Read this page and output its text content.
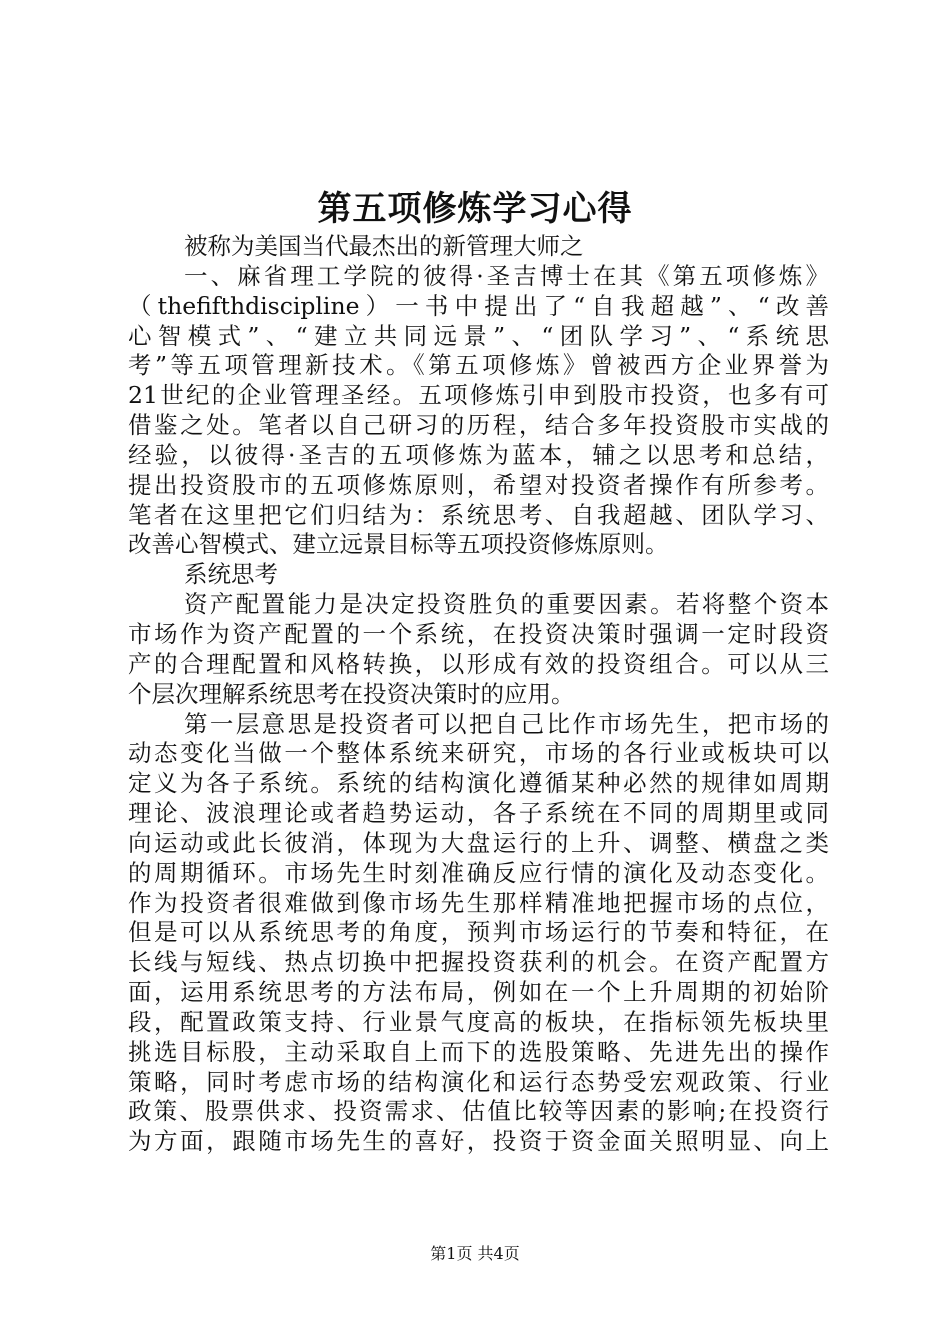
第五项修炼学习心得
被称为美国当代最杰出的新管理大师之
一、麻省理工学院的彼得·圣吉博士在其《第五项修炼》
（thefifthdiscipline）一书中提出了“自我超越”、“改善
心智模式”、“建立共同远景”、“团队学习”、“系统思
考”等五项管理新技术。《第五项修炼》曾被西方企业界誉为
21世纪的企业管理圣经。五项修炼引申到股市投资，也多有可
借鉴之处。笔者以自己研习的历程，结合多年投资股市实战的
经验，以彼得·圣吉的五项修炼为蓝本，辅之以思考和总结，
提出投资股市的五项修炼原则，希望对投资者操作有所参考。
笔者在这里把它们归结为：系统思考、自我超越、团队学习、
改善心智模式、建立远景目标等五项投资修炼原则。
系统思考
资产配置能力是决定投资胜负的重要因素。若将整个资本
市场作为资产配置的一个系统，在投资决策时强调一定时段资
产的合理配置和风格转换，以形成有效的投资组合。可以从三
个层次理解系统思考在投资决策时的应用。
第一层意思是投资者可以把自己比作市场先生，把市场的
动态变化当做一个整体系统来研究，市场的各行业或板块可以
定义为各子系统。系统的结构演化遵循某种必然的规律如周期
理论、波浪理论或者趋势运动，各子系统在不同的周期里或同
向运动或此长彼消，体现为大盘运行的上升、调整、横盘之类
的周期循环。市场先生时刻准确反应行情的演化及动态变化。
作为投资者很难做到像市场先生那样精准地把握市场的点位，
但是可以从系统思考的角度，预判市场运行的节奏和特征，在
长线与短线、热点切换中把握投资获利的机会。在资产配置方
面，运用系统思考的方法布局，例如在一个上升周期的初始阶
段，配置政策支持、行业景气度高的板块，在指标领先板块里
挑选目标股，主动采取自上而下的选股策略、先进先出的操作
策略，同时考虑市场的结构演化和运行态势受宏观政策、行业
政策、股票供求、投资需求、估值比较等因素的影响;在投资行
为方面，跟随市场先生的喜好，投资于资金面关照明显、向上
第1页 共4页
